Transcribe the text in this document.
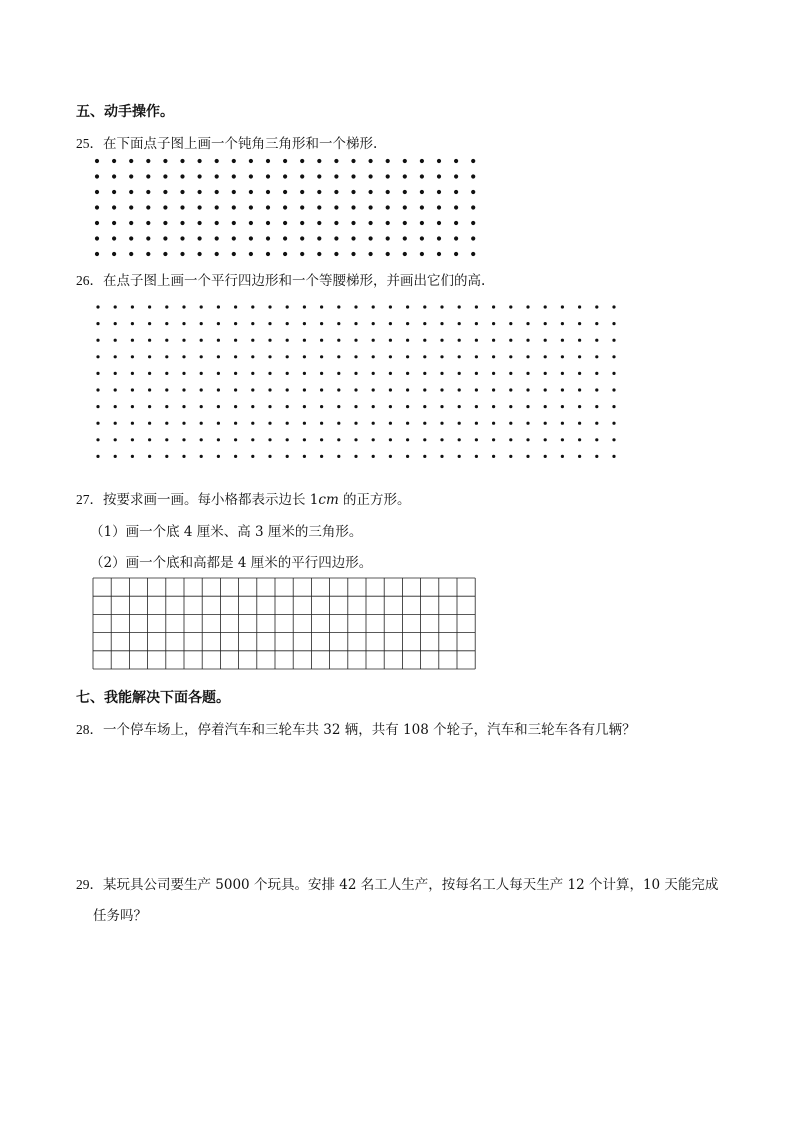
五、动手操作。
25．在下面点子图上画一个钝角三角形和一个梯形.
26．在点子图上画一个平行四边形和一个等腰梯形，并画出它们的高.
27．按要求画一画。每小格都表示边长 1cm 的正方形。
（1）画一个底 4 厘米、高 3 厘米的三角形。
（2）画一个底和高都是 4 厘米的平行四边形。
七、我能解决下面各题。
28．一个停车场上，停着汽车和三轮车共 32 辆，共有 108 个轮子，汽车和三轮车各有几辆？
29．某玩具公司要生产 5000 个玩具。安排 42 名工人生产，按每名工人每天生产 12 个计算，10 天能完成
任务吗？
